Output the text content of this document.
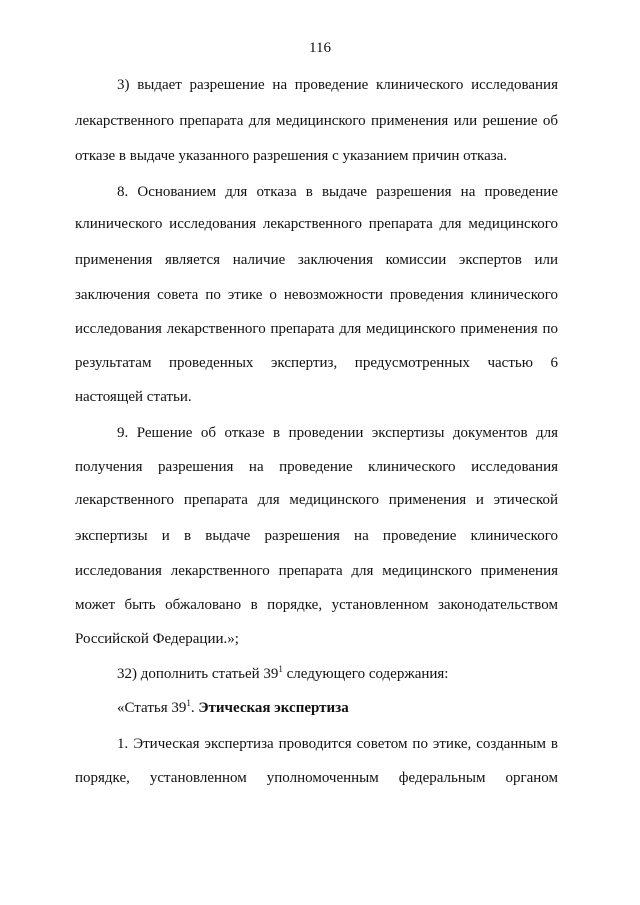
116
3) выдает разрешение на проведение клинического исследования
лекарственного препарата для медицинского применения или решение об
отказе в выдаче указанного разрешения с указанием причин отказа.
8. Основанием для отказа в выдаче разрешения на проведение
клинического исследования лекарственного препарата для медицинского
применения является наличие заключения комиссии экспертов или
заключения совета по этике о невозможности проведения клинического
исследования лекарственного препарата для медицинского применения по
результатам проведенных экспертиз, предусмотренных частью 6
настоящей статьи.
9. Решение об отказе в проведении экспертизы документов для
получения разрешения на проведение клинического исследования
лекарственного препарата для медицинского применения и этической
экспертизы и в выдаче разрешения на проведение клинического
исследования лекарственного препарата для медицинского применения
может быть обжаловано в порядке, установленном законодательством
Российской Федерации.»;
32) дополнить статьей $39^1$ следующего содержания:
«Статья $39^1$. Этическая экспертиза
1. Этическая экспертиза проводится советом по этике, созданным в
порядке, установленном уполномоченным федеральным органом
